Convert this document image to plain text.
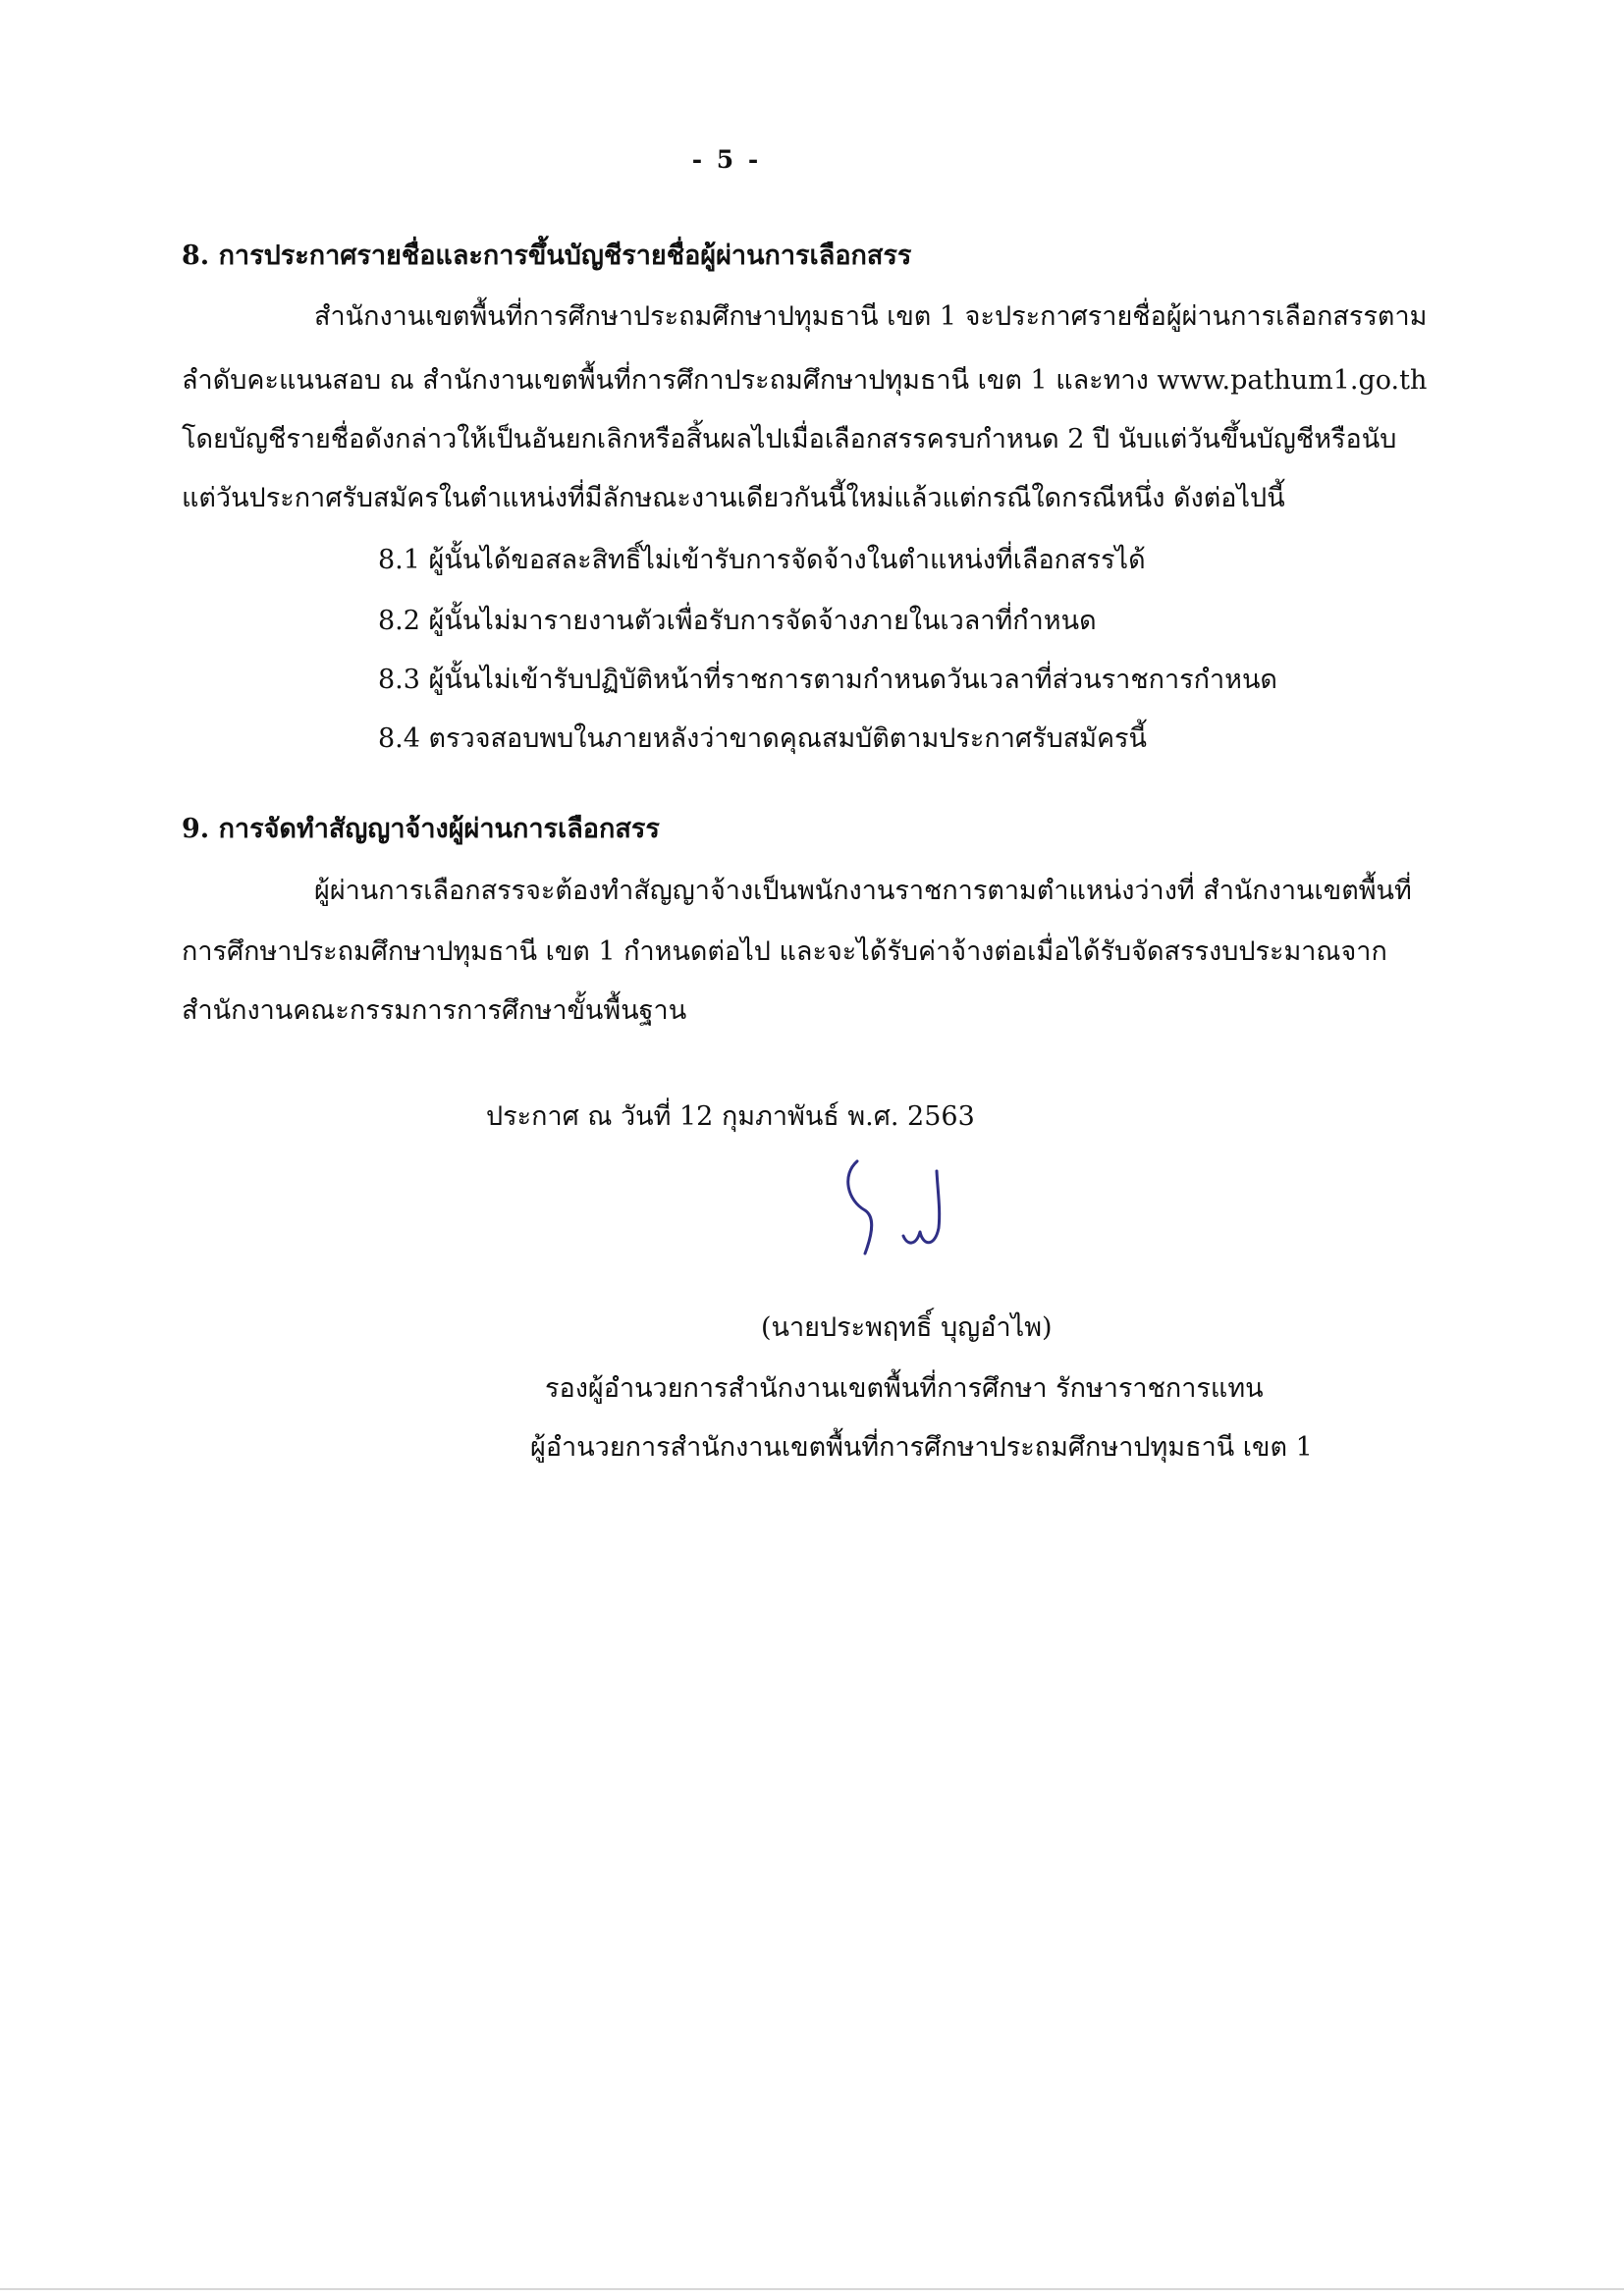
- 5 -
8. การประกาศรายชื่อและการขึ้นบัญชีรายชื่อผู้ผ่านการเลือกสรร
สำนักงานเขตพื้นที่การศึกษาประถมศึกษาปทุมธานี เขต 1 จะประกาศรายชื่อผู้ผ่านการเลือกสรรตาม
ลำดับคะแนนสอบ ณ สำนักงานเขตพื้นที่การศึกาประถมศึกษาปทุมธานี เขต 1 และทาง www.pathum1.go.th
โดยบัญชีรายชื่อดังกล่าวให้เป็นอันยกเลิกหรือสิ้นผลไปเมื่อเลือกสรรครบกำหนด 2 ปี นับแต่วันขึ้นบัญชีหรือนับ
แต่วันประกาศรับสมัครในตำแหน่งที่มีลักษณะงานเดียวกันนี้ใหม่แล้วแต่กรณีใดกรณีหนึ่ง ดังต่อไปนี้
8.1 ผู้นั้นได้ขอสละสิทธิ์ไม่เข้ารับการจัดจ้างในตำแหน่งที่เลือกสรรได้
8.2 ผู้นั้นไม่มารายงานตัวเพื่อรับการจัดจ้างภายในเวลาที่กำหนด
8.3 ผู้นั้นไม่เข้ารับปฏิบัติหน้าที่ราชการตามกำหนดวันเวลาที่ส่วนราชการกำหนด
8.4 ตรวจสอบพบในภายหลังว่าขาดคุณสมบัติตามประกาศรับสมัครนี้
9. การจัดทำสัญญาจ้างผู้ผ่านการเลือกสรร
ผู้ผ่านการเลือกสรรจะต้องทำสัญญาจ้างเป็นพนักงานราชการตามตำแหน่งว่างที่ สำนักงานเขตพื้นที่
การศึกษาประถมศึกษาปทุมธานี เขต 1 กำหนดต่อไป และจะได้รับค่าจ้างต่อเมื่อได้รับจัดสรรงบประมาณจาก
สำนักงานคณะกรรมการการศึกษาขั้นพื้นฐาน
ประกาศ ณ วันที่ 12 กุมภาพันธ์ พ.ศ. 2563
(นายประพฤทธิ์ บุญอำไพ)
รองผู้อำนวยการสำนักงานเขตพื้นที่การศึกษา รักษาราชการแทน
ผู้อำนวยการสำนักงานเขตพื้นที่การศึกษาประถมศึกษาปทุมธานี เขต 1
